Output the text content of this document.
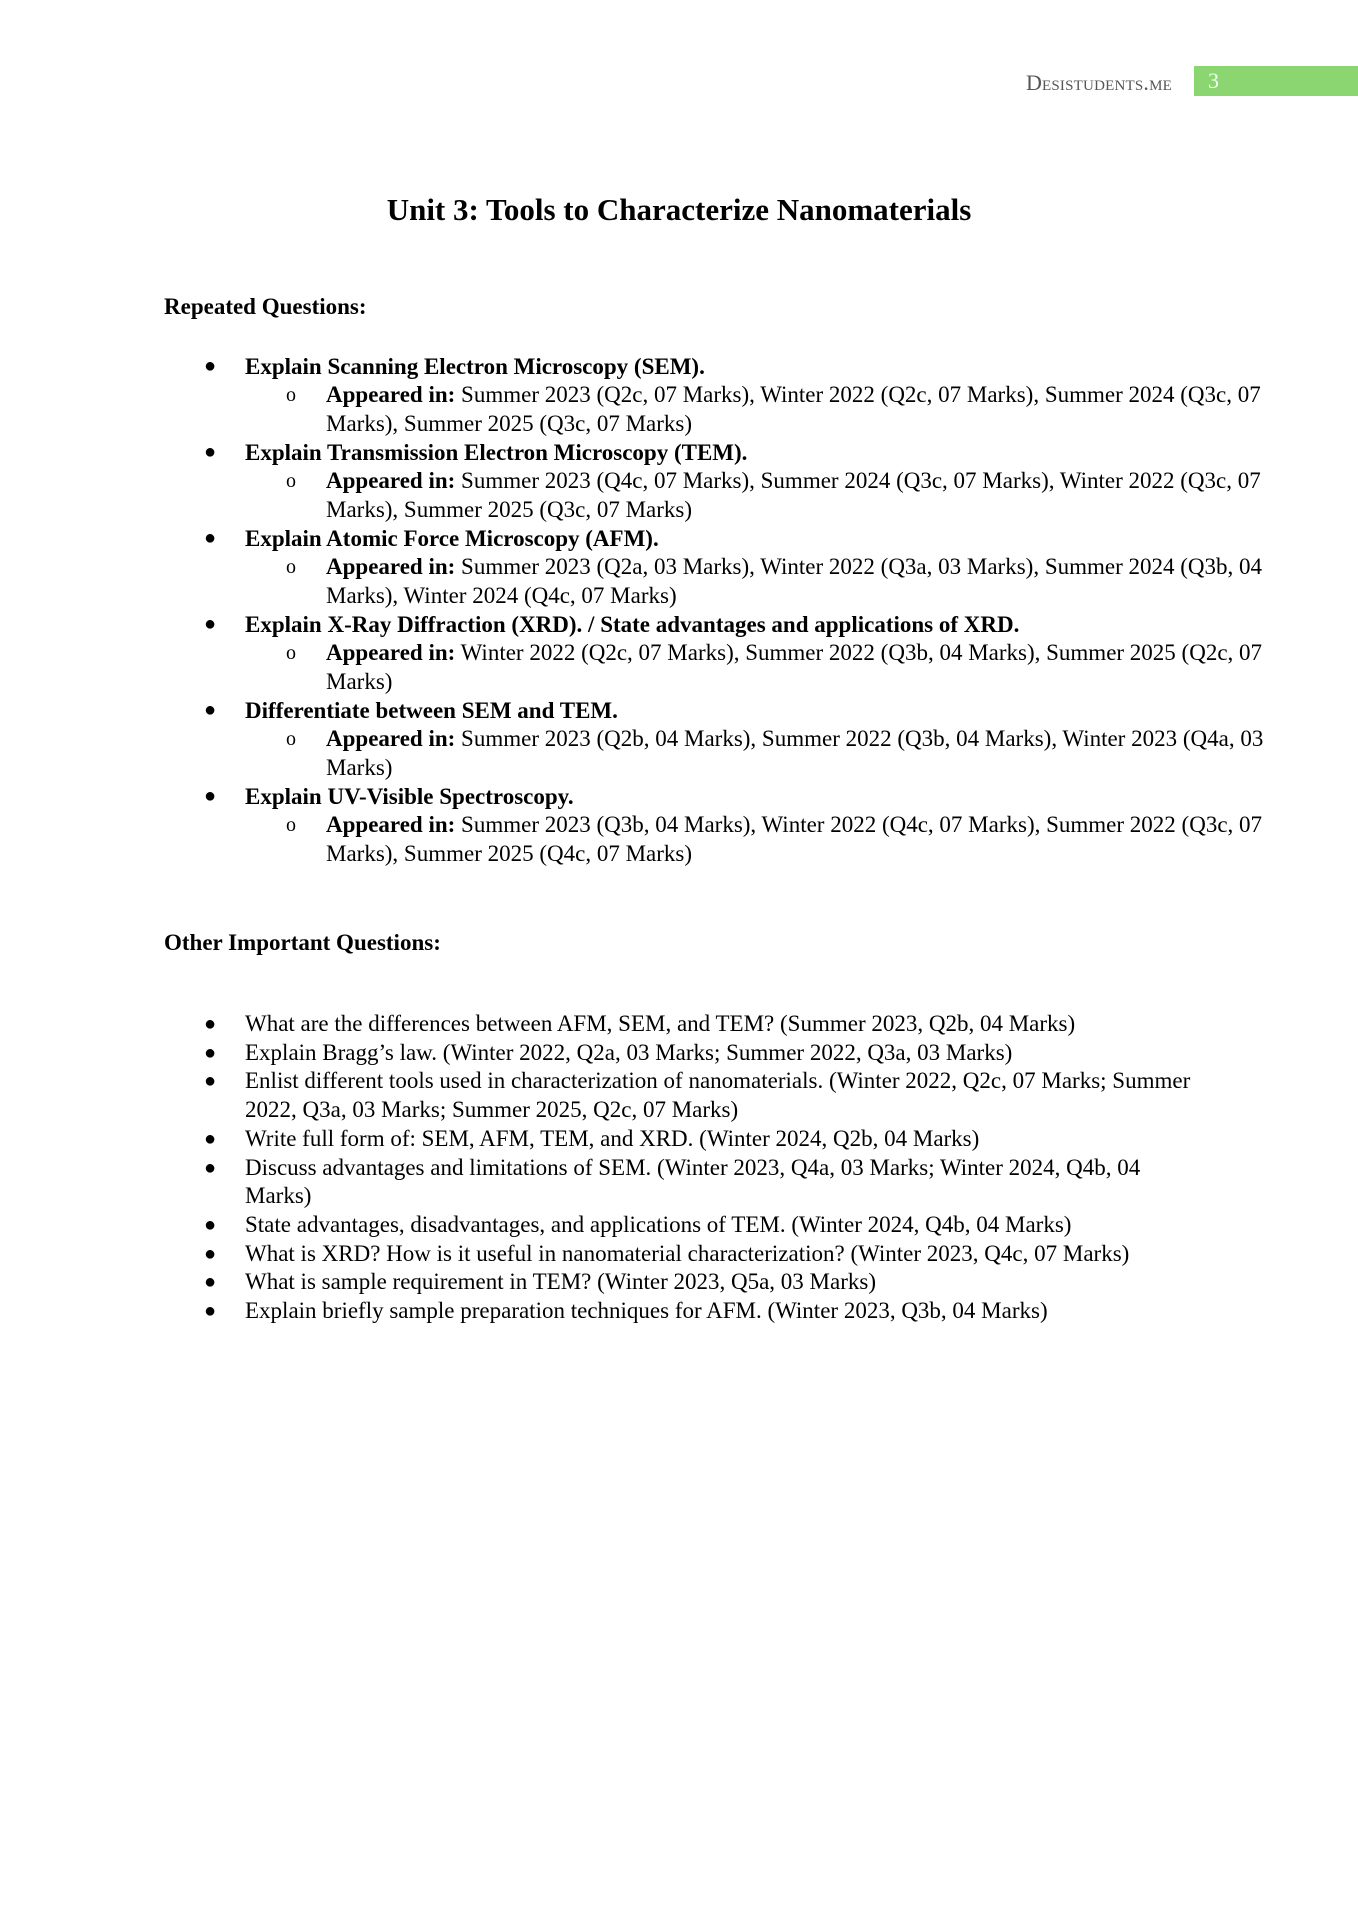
Desistudents.me	3
Unit 3: Tools to Characterize Nanomaterials
Repeated Questions:
● Explain Scanning Electron Microscopy (SEM).
o Appeared in: Summer 2023 (Q2c, 07 Marks), Winter 2022 (Q2c, 07 Marks), Summer 2024 (Q3c, 07 Marks), Summer 2025 (Q3c, 07 Marks)
● Explain Transmission Electron Microscopy (TEM).
o Appeared in: Summer 2023 (Q4c, 07 Marks), Summer 2024 (Q3c, 07 Marks), Winter 2022 (Q3c, 07 Marks), Summer 2025 (Q3c, 07 Marks)
● Explain Atomic Force Microscopy (AFM).
o Appeared in: Summer 2023 (Q2a, 03 Marks), Winter 2022 (Q3a, 03 Marks), Summer 2024 (Q3b, 04 Marks), Winter 2024 (Q4c, 07 Marks)
● Explain X-Ray Diffraction (XRD). / State advantages and applications of XRD.
o Appeared in: Winter 2022 (Q2c, 07 Marks), Summer 2022 (Q3b, 04 Marks), Summer 2025 (Q2c, 07 Marks)
● Differentiate between SEM and TEM.
o Appeared in: Summer 2023 (Q2b, 04 Marks), Summer 2022 (Q3b, 04 Marks), Winter 2023 (Q4a, 03 Marks)
● Explain UV-Visible Spectroscopy.
o Appeared in: Summer 2023 (Q3b, 04 Marks), Winter 2022 (Q4c, 07 Marks), Summer 2022 (Q3c, 07 Marks), Summer 2025 (Q4c, 07 Marks)
Other Important Questions:
● What are the differences between AFM, SEM, and TEM? (Summer 2023, Q2b, 04 Marks)
● Explain Bragg’s law. (Winter 2022, Q2a, 03 Marks; Summer 2022, Q3a, 03 Marks)
● Enlist different tools used in characterization of nanomaterials. (Winter 2022, Q2c, 07 Marks; Summer 2022, Q3a, 03 Marks; Summer 2025, Q2c, 07 Marks)
● Write full form of: SEM, AFM, TEM, and XRD. (Winter 2024, Q2b, 04 Marks)
● Discuss advantages and limitations of SEM. (Winter 2023, Q4a, 03 Marks; Winter 2024, Q4b, 04 Marks)
● State advantages, disadvantages, and applications of TEM. (Winter 2024, Q4b, 04 Marks)
● What is XRD? How is it useful in nanomaterial characterization? (Winter 2023, Q4c, 07 Marks)
● What is sample requirement in TEM? (Winter 2023, Q5a, 03 Marks)
● Explain briefly sample preparation techniques for AFM. (Winter 2023, Q3b, 04 Marks)
